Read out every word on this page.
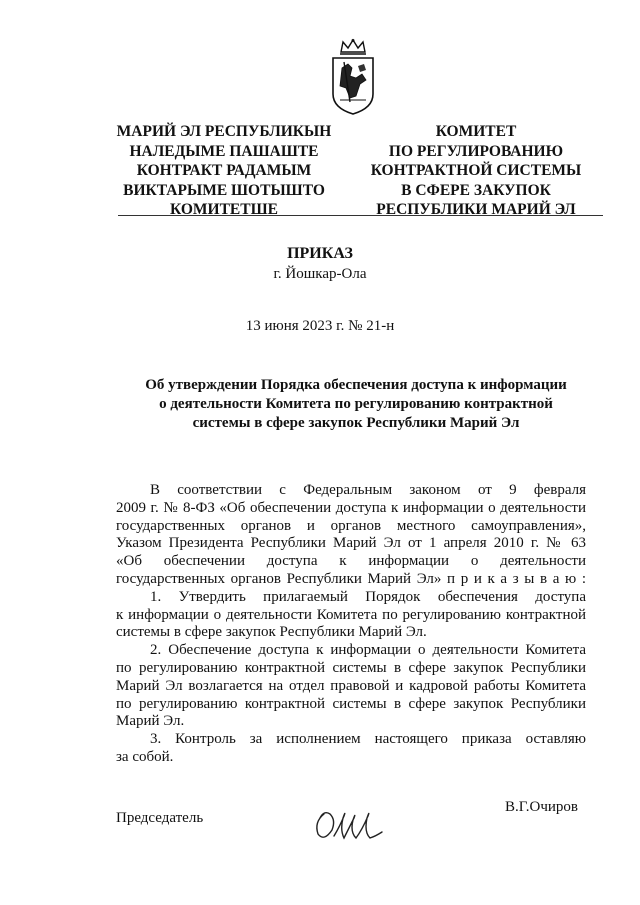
МАРИЙ ЭЛ РЕСПУБЛИКЫН
НАЛЕДЫМЕ ПАШАШТЕ
КОНТРАКТ РАДАМЫМ
ВИКТАРЫМЕ ШОТЫШТО
КОМИТЕТШЕ
КОМИТЕТ
ПО РЕГУЛИРОВАНИЮ
КОНТРАКТНОЙ СИСТЕМЫ
В СФЕРЕ ЗАКУПОК
РЕСПУБЛИКИ МАРИЙ ЭЛ
ПРИКАЗ
г. Йошкар-Ола
13 июня 2023 г. № 21-н
Об утверждении Порядка обеспечения доступа к информации
о деятельности Комитета по регулированию контрактной
системы в сфере закупок Республики Марий Эл
В соответствии с Федеральным законом от 9 февраля
2009 г. № 8-ФЗ «Об обеспечении доступа к информации о деятельности
государственных органов и органов местного самоуправления»,
Указом Президента Республики Марий Эл от 1 апреля 2010 г. № 63
«Об обеспечении доступа к информации о деятельности
государственных органов Республики Марий Эл» п р и к а з ы в а ю :
1. Утвердить прилагаемый Порядок обеспечения доступа
к информации о деятельности Комитета по регулированию контрактной
системы в сфере закупок Республики Марий Эл.
2. Обеспечение доступа к информации о деятельности Комитета
по регулированию контрактной системы в сфере закупок Республики
Марий Эл возлагается на отдел правовой и кадровой работы Комитета
по регулированию контрактной системы в сфере закупок Республики
Марий Эл.
3. Контроль за исполнением настоящего приказа оставляю
за собой.
Председатель
В.Г.Очиров
